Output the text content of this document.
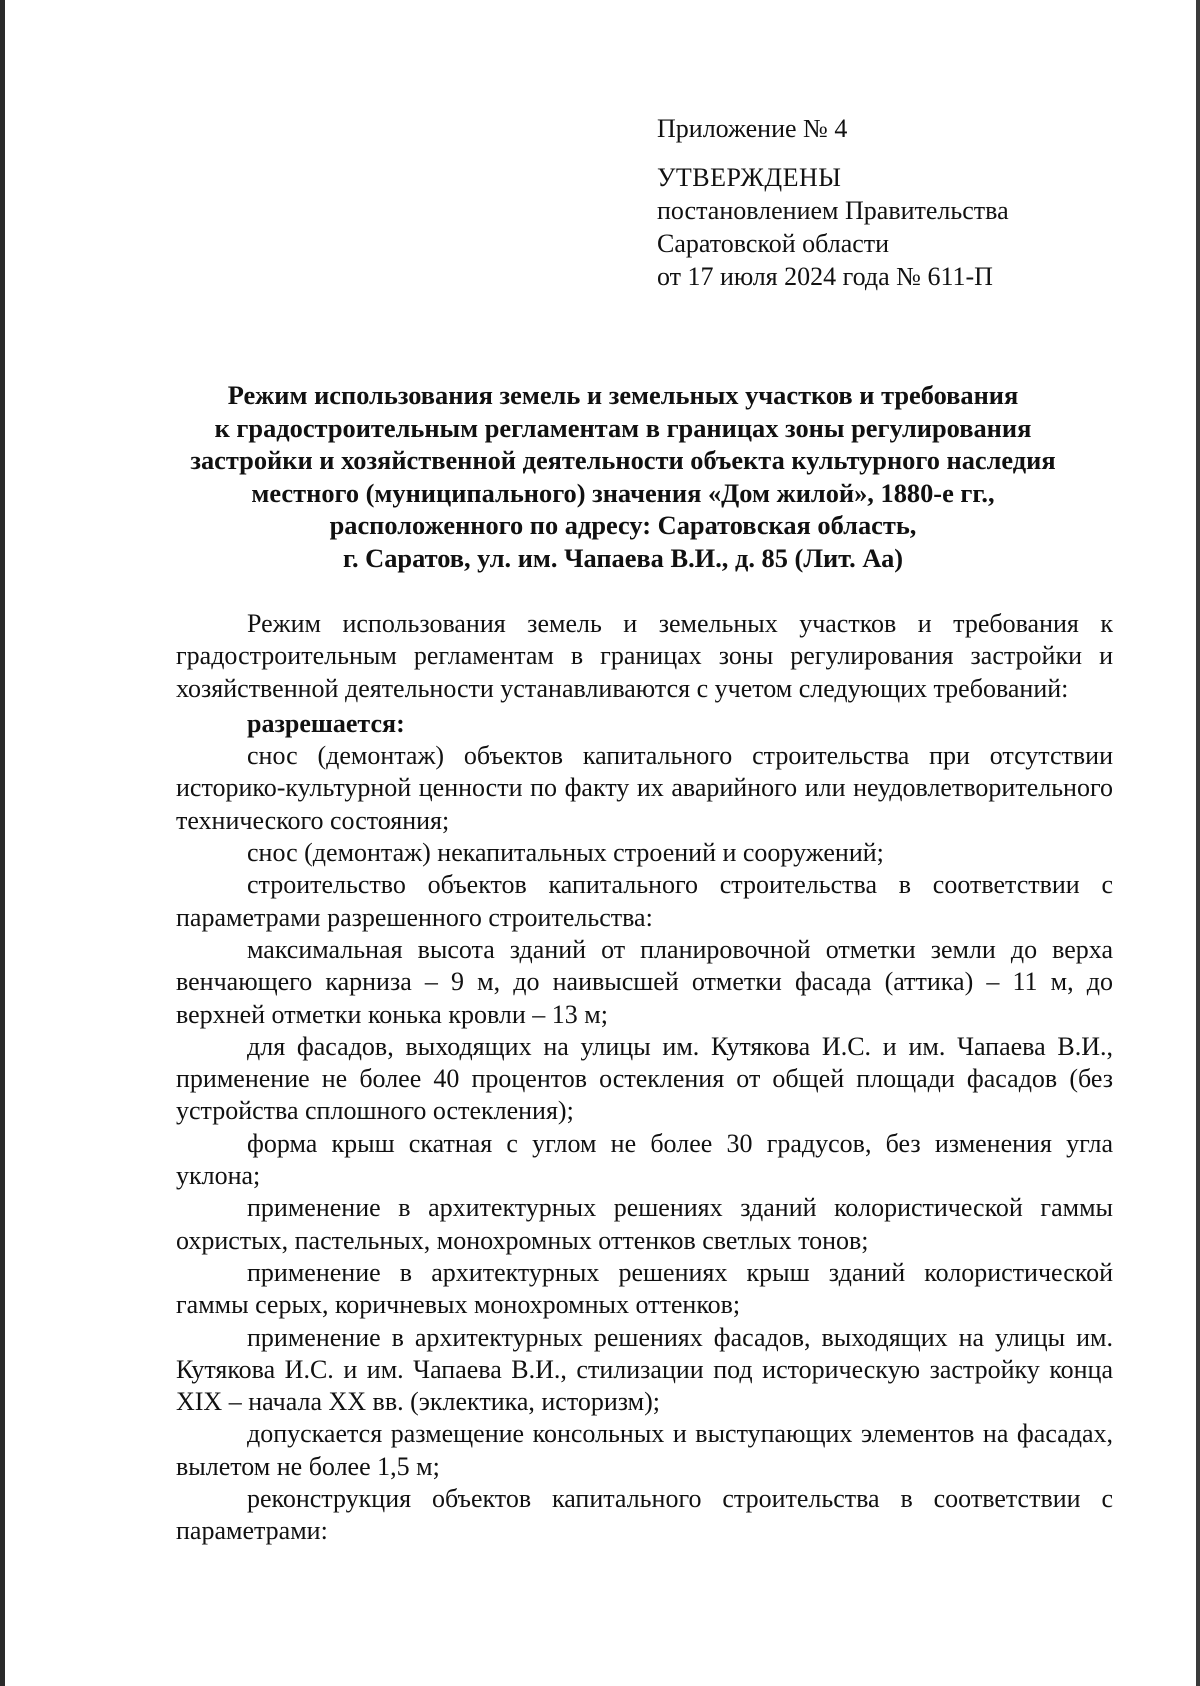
Приложение № 4

УТВЕРЖДЕНЫ

постановлением Правительства

Саратовской области

от 17 июля 2024 года № 611-П

Режим использования земель и земельных участков и требования
к градостроительным регламентам в границах зоны регулирования
застройки и хозяйственной деятельности объекта культурного наследия
местного (муниципального) значения «Дом жилой», 1880-е гг.,
расположенного по адресу: Саратовская область,
г. Саратов, ул. им. Чапаева В.И., д. 85 (Лит. Аа)

Режим использования земель и земельных участков и требования к градостроительным регламентам в границах зоны регулирования застройки и хозяйственной деятельности устанавливаются с учетом следующих требований:

разрешается:

снос (демонтаж) объектов капитального строительства при отсутствии историко-культурной ценности по факту их аварийного или неудовлетворительного технического состояния;

снос (демонтаж) некапитальных строений и сооружений;

строительство объектов капитального строительства в соответствии с параметрами разрешенного строительства:

максимальная высота зданий от планировочной отметки земли до верха венчающего карниза – 9 м, до наивысшей отметки фасада (аттика) – 11 м, до верхней отметки конька кровли – 13 м;

для фасадов, выходящих на улицы им. Кутякова И.С. и им. Чапаева В.И., применение не более 40 процентов остекления от общей площади фасадов (без устройства сплошного остекления);

форма крыш скатная с углом не более 30 градусов, без изменения угла уклона;

применение в архитектурных решениях зданий колористической гаммы охристых, пастельных, монохромных оттенков светлых тонов;

применение в архитектурных решениях крыш зданий колористической гаммы серых, коричневых монохромных оттенков;

применение в архитектурных решениях фасадов, выходящих на улицы им. Кутякова И.С. и им. Чапаева В.И., стилизации под историческую застройку конца XIX – начала XX вв. (эклектика, историзм);

допускается размещение консольных и выступающих элементов на фасадах, вылетом не более 1,5 м;

реконструкция объектов капитального строительства в соответствии с параметрами:
